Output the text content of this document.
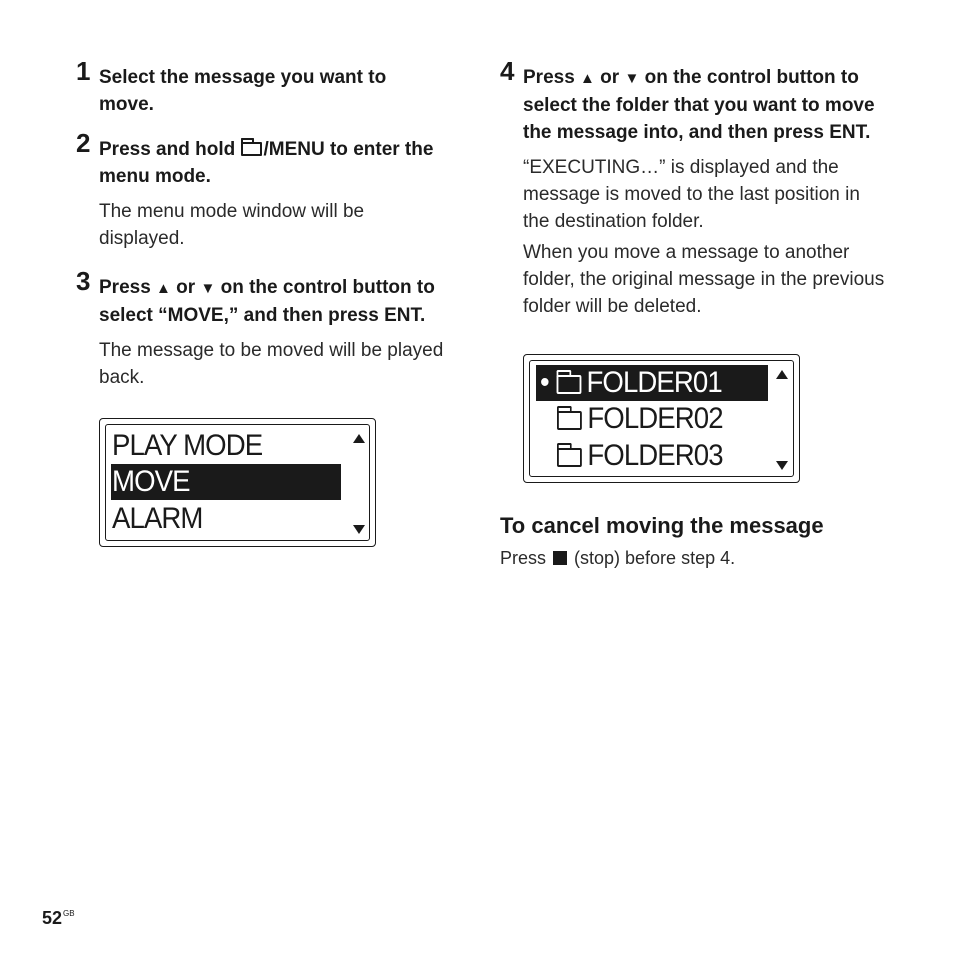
1 Select the message you want to move.
2 Press and hold /MENU to enter the menu mode.

The menu mode window will be displayed.

3 Press ▲ or ▼ on the control button to select “MOVE,” and then press ENT.

The message to be moved will be played back.

PLAY MODE
MOVE
ALARM
4 Press ▲ or ▼ on the control button to select the folder that you want to move the message into, and then press ENT.

“EXECUTING…” is displayed and the message is moved to the last position in the destination folder.

When you move a message to another folder, the original message in the previous folder will be deleted.

• FOLDER01
FOLDER02
FOLDER03
To cancel moving the message
Press  (stop) before step 4.
$52^{GB}$
